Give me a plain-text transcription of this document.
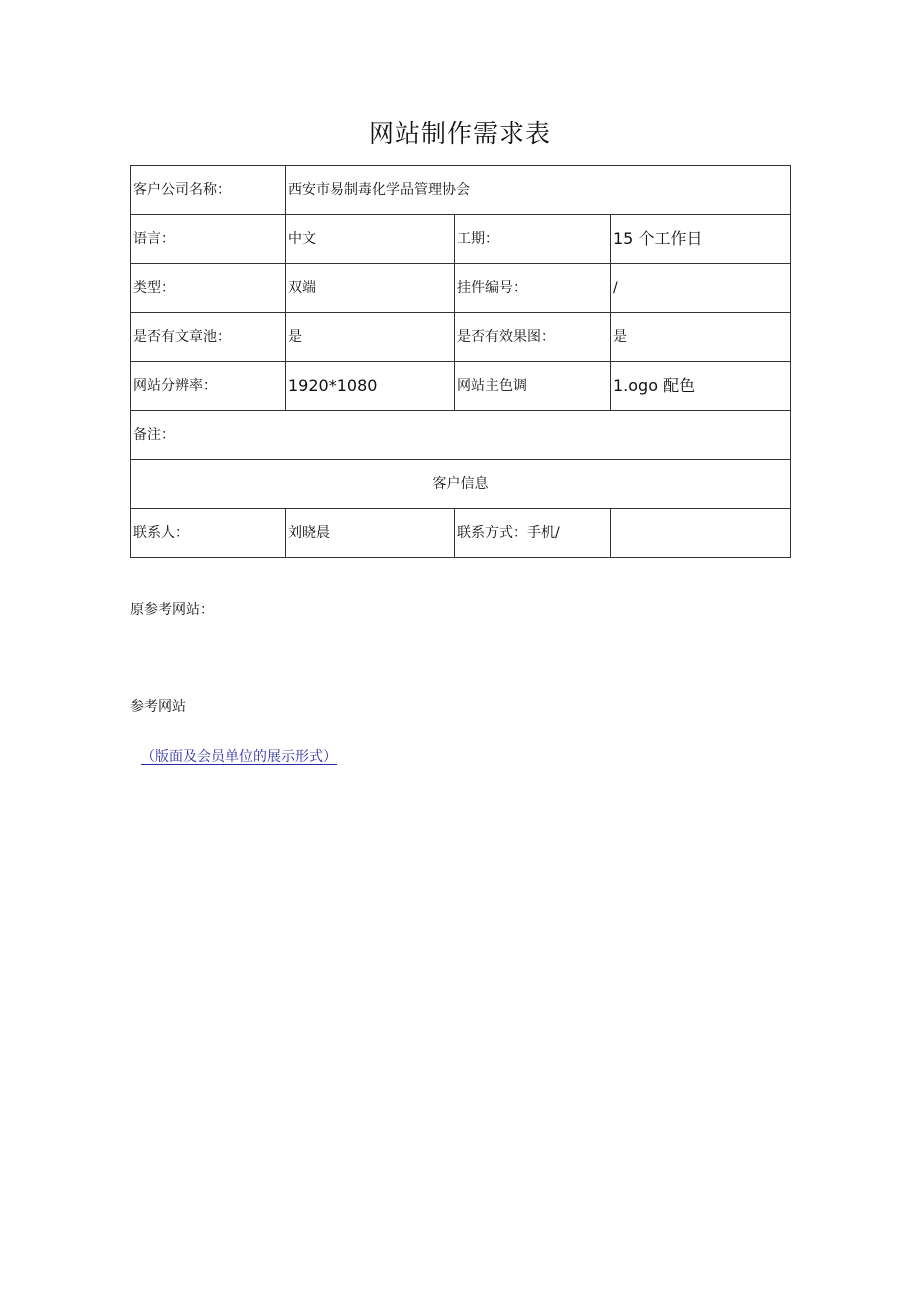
网站制作需求表
客户公司名称：	西安市易制毒化学品管理协会		
语言：	中文	工期：	15 个工作日
类型：	双端	挂件编号：	/
是否有文章池：	是	是否有效果图：	是
网站分辨率：	1920*1080	网站主色调	1.ogo 配色
备注：			
客户信息			
联系人：	刘晓晨	联系方式：手机/	
原参考网站：
参考网站
（版面及会员单位的展示形式）
